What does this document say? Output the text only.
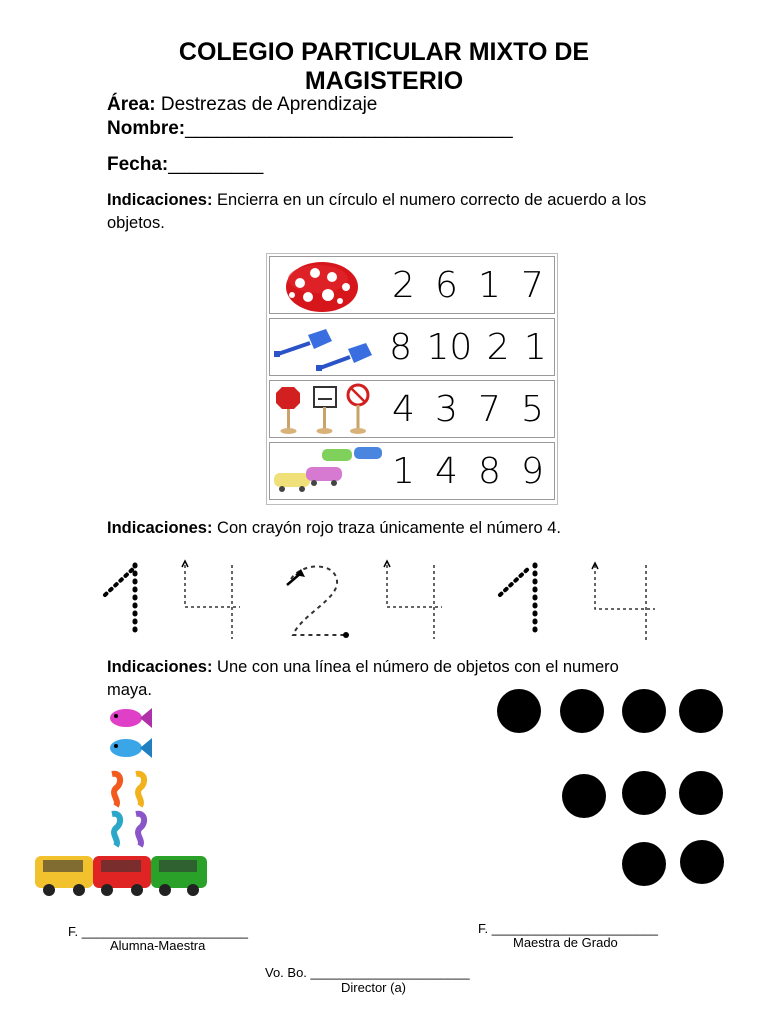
COLEGIO PARTICULAR MIXTO DE
MAGISTERIO
Área: Destrezas de Aprendizaje
Nombre:_______________________________
Fecha:_________
Indicaciones: Encierra en un círculo el numero correcto de acuerdo a los objetos.
2 6 1 7
8 10 2 1
4 3 7 5
1 4 8 9
Indicaciones: Con crayón rojo traza únicamente el número 4.
Indicaciones: Une con una línea el número de objetos con el numero maya.
F. _______________________
Alumna-Maestra
F. _______________________
Maestra de Grado
Vo. Bo. ______________________
Director (a)
